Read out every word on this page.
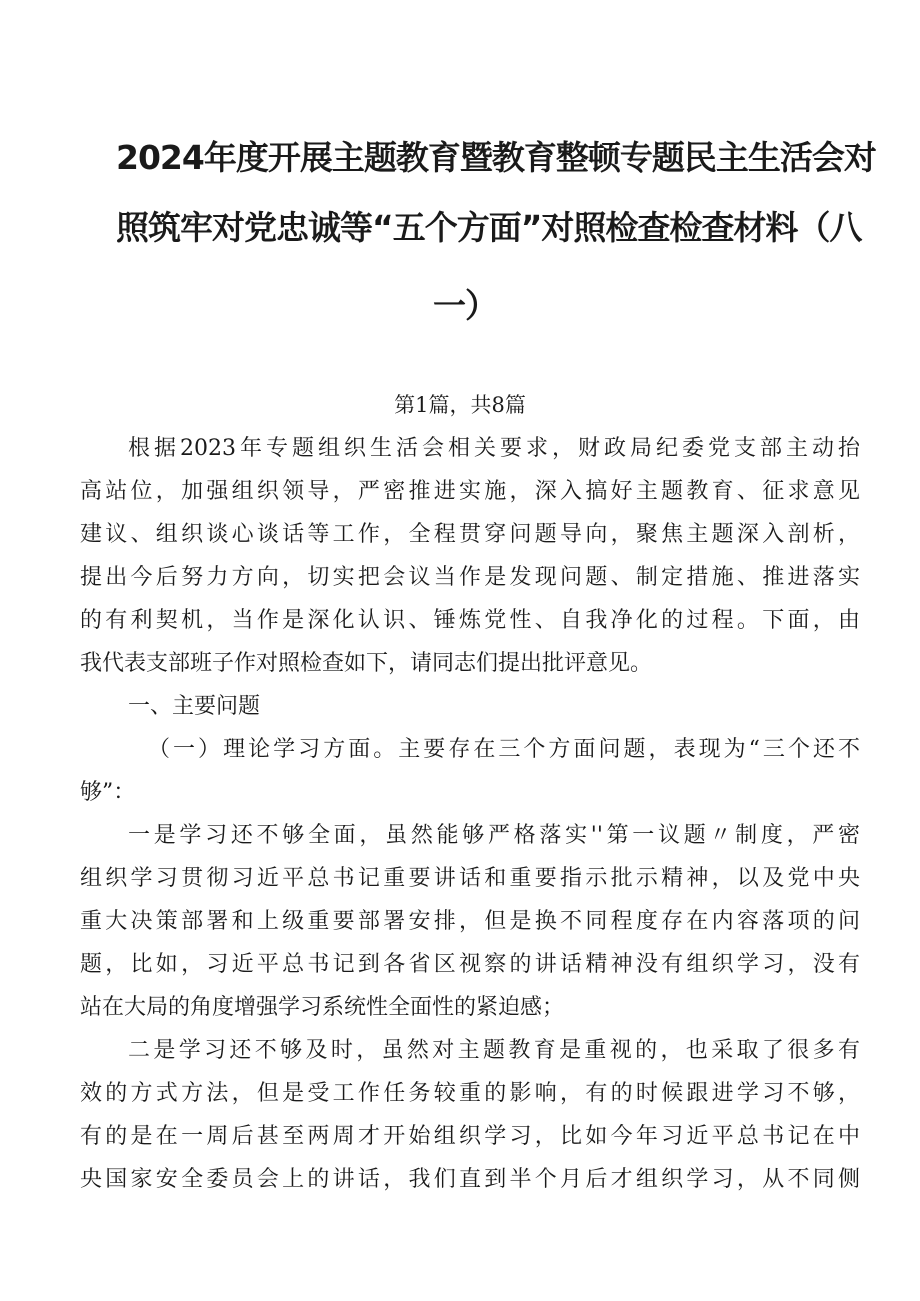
2024年度开展主题教育暨教育整顿专题民主生活会对
照筑牢对党忠诚等“五个方面”对照检查检查材料（八
一）
第1篇，共8篇
根据2023年专题组织生活会相关要求，财政局纪委党支部主动抬
高站位，加强组织领导，严密推进实施，深入搞好主题教育、征求意见
建议、组织谈心谈话等工作，全程贯穿问题导向，聚焦主题深入剖析，
提出今后努力方向，切实把会议当作是发现问题、制定措施、推进落实
的有利契机，当作是深化认识、锤炼党性、自我净化的过程。下面，由
我代表支部班子作对照检查如下，请同志们提出批评意见。
一、主要问题
（一）理论学习方面。主要存在三个方面问题，表现为“三个还不
够”：
一是学习还不够全面，虽然能够严格落实''第一议题〃制度，严密
组织学习贯彻习近平总书记重要讲话和重要指示批示精神，以及党中央
重大决策部署和上级重要部署安排，但是换不同程度存在内容落项的问
题，比如，习近平总书记到各省区视察的讲话精神没有组织学习，没有
站在大局的角度增强学习系统性全面性的紧迫感；
二是学习还不够及时，虽然对主题教育是重视的，也采取了很多有
效的方式方法，但是受工作任务较重的影响，有的时候跟进学习不够，
有的是在一周后甚至两周才开始组织学习，比如今年习近平总书记在中
央国家安全委员会上的讲话，我们直到半个月后才组织学习，从不同侧
